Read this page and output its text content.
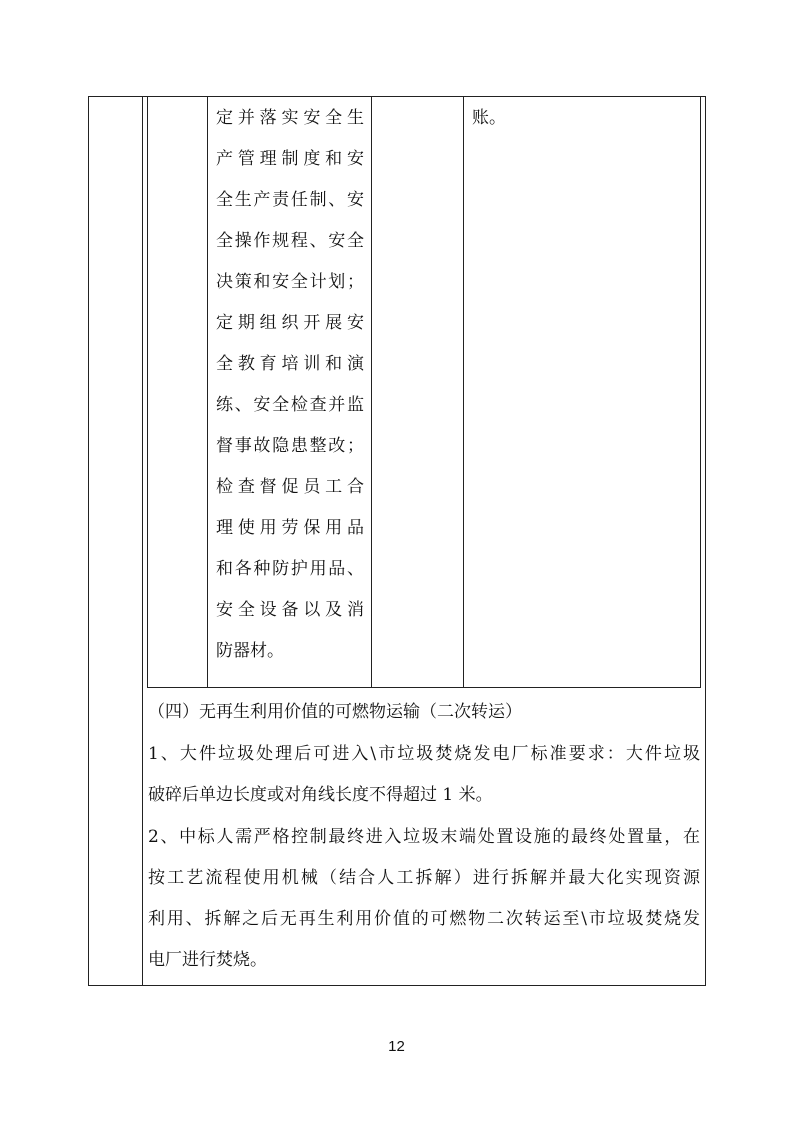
定并落实安全生
产管理制度和安
全生产责任制、安
全操作规程、安全
决策和安全计划；
定期组织开展安
全教育培训和演
练、安全检查并监
督事故隐患整改；
检查督促员工合
理使用劳保用品
和各种防护用品、
安全设备以及消
防器材。
账。
（四）无再生利用价值的可燃物运输（二次转运）
1、大件垃圾处理后可进入\市垃圾焚烧发电厂标准要求：大件垃圾
破碎后单边长度或对角线长度不得超过 1 米。
2、中标人需严格控制最终进入垃圾末端处置设施的最终处置量，在
按工艺流程使用机械（结合人工拆解）进行拆解并最大化实现资源
利用、拆解之后无再生利用价值的可燃物二次转运至\市垃圾焚烧发
电厂进行焚烧。
12
